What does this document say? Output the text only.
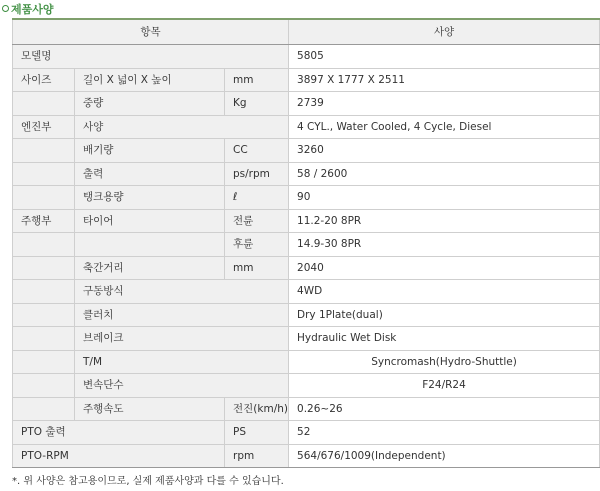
제품사양
항목			사양
모델명			5805
사이즈	길이 X 넓이 X 높이	mm	3897 X 1777 X 2511
	중량	Kg	2739
엔진부	사양		4 CYL., Water Cooled, 4 Cycle, Diesel
	배기량	CC	3260
	출력	ps/rpm	58 / 2600
	탱크용량	ℓ	90
주행부	타이어	전륜	11.2-20 8PR
		후륜	14.9-30 8PR
	축간거리	mm	2040
	구동방식		4WD
	클러치		Dry 1Plate(dual)
	브레이크		Hydraulic Wet Disk
	T/M		Syncromash(Hydro-Shuttle)
	변속단수		F24/R24
	주행속도	전진(km/h)	0.26~26
PTO 출력		PS	52
PTO-RPM		rpm	564/676/1009(Independent)
*. 위 사양은 참고용이므로, 실제 제품사양과 다를 수 있습니다.
